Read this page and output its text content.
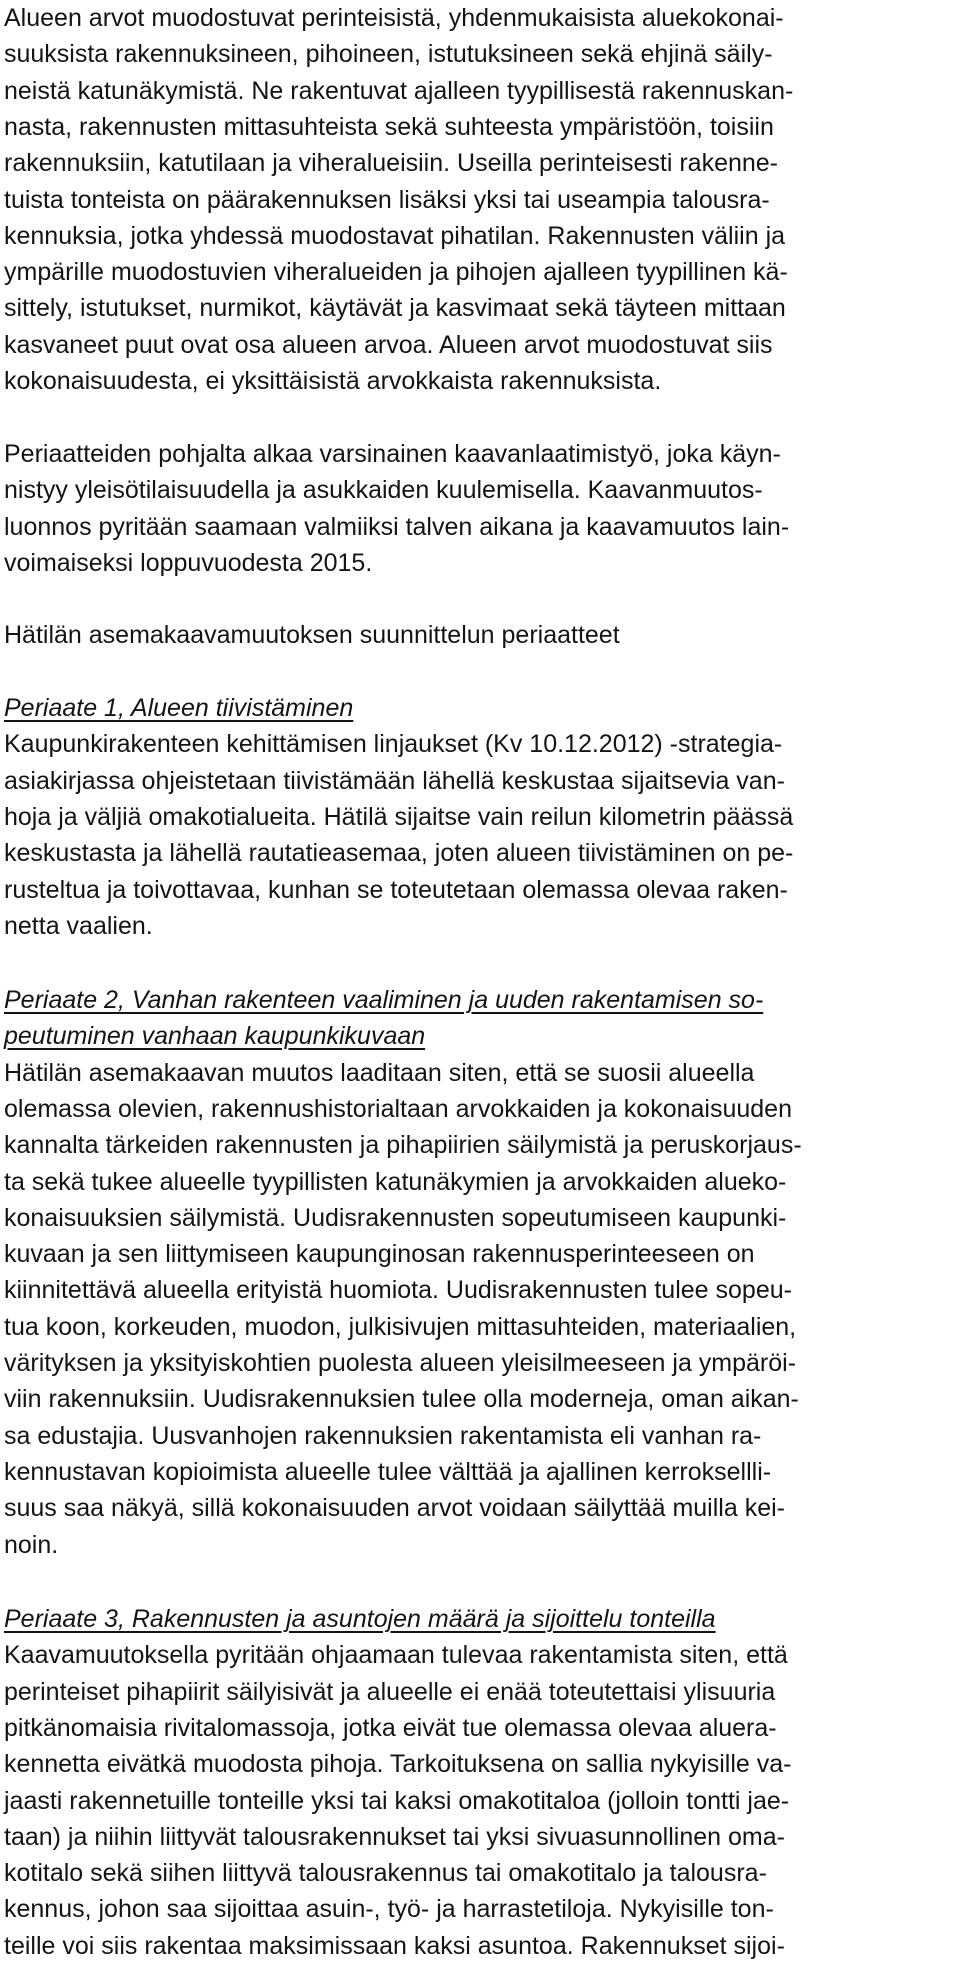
Alueen arvot muodostuvat perinteisistä, yhdenmukaisista aluekokonai-
suuksista rakennuksineen, pihoineen, istutuksineen sekä ehjinä säily-
neistä katunäkymistä. Ne rakentuvat ajalleen tyypillisestä rakennuskan-
nasta, rakennusten mittasuhteista sekä suhteesta ympäristöön, toisiin
rakennuksiin, katutilaan ja viheralueisiin. Useilla perinteisesti rakenne-
tuista tonteista on päärakennuksen lisäksi yksi tai useampia talousra-
kennuksia, jotka yhdessä muodostavat pihatilan. Rakennusten väliin ja
ympärille muodostuvien viheralueiden ja pihojen ajalleen tyypillinen kä-
sittely, istutukset, nurmikot, käytävät ja kasvimaat sekä täyteen mittaan
kasvaneet puut ovat osa alueen arvoa. Alueen arvot muodostuvat siis
kokonaisuudesta, ei yksittäisistä arvokkaista rakennuksista.
Periaatteiden pohjalta alkaa varsinainen kaavanlaatimistyö, joka käyn-
nistyy yleisötilaisuudella ja asukkaiden kuulemisella. Kaavanmuutos-
luonnos pyritään saamaan valmiiksi talven aikana ja kaavamuutos lain-
voimaiseksi loppuvuodesta 2015.
Hätilän asemakaavamuutoksen suunnittelun periaatteet
Periaate 1, Alueen tiivistäminen
Kaupunkirakenteen kehittämisen linjaukset (Kv 10.12.2012) -strategia-
asiakirjassa ohjeistetaan tiivistämään lähellä keskustaa sijaitsevia van-
hoja ja väljiä omakotialueita. Hätilä sijaitse vain reilun kilometrin päässä
keskustasta ja lähellä rautatieasemaa, joten alueen tiivistäminen on pe-
rusteltua ja toivottavaa, kunhan se toteutetaan olemassa olevaa raken-
netta vaalien.
Periaate 2, Vanhan rakenteen vaaliminen ja uuden rakentamisen so-
peutuminen vanhaan kaupunkikuvaan
Hätilän asemakaavan muutos laaditaan siten, että se suosii alueella
olemassa olevien, rakennushistorialtaan arvokkaiden ja kokonaisuuden
kannalta tärkeiden rakennusten ja pihapiirien säilymistä ja peruskorjaus-
ta sekä tukee alueelle tyypillisten katunäkymien ja arvokkaiden alueko-
konaisuuksien säilymistä. Uudisrakennusten sopeutumiseen kaupunki-
kuvaan ja sen liittymiseen kaupunginosan rakennusperinteeseen on
kiinnitettävä alueella erityistä huomiota. Uudisrakennusten tulee sopeu-
tua koon, korkeuden, muodon, julkisivujen mittasuhteiden, materiaalien,
värityksen ja yksityiskohtien puolesta alueen yleisilmeeseen ja ympäröi-
viin rakennuksiin. Uudisrakennuksien tulee olla moderneja, oman aikan-
sa edustajia. Uusvanhojen rakennuksien rakentamista eli vanhan ra-
kennustavan kopioimista alueelle tulee välttää ja ajallinen kerroksellli-
suus saa näkyä, sillä kokonaisuuden arvot voidaan säilyttää muilla kei-
noin.
Periaate 3, Rakennusten ja asuntojen määrä ja sijoittelu tonteilla
Kaavamuutoksella pyritään ohjaamaan tulevaa rakentamista siten, että
perinteiset pihapiirit säilyisivät ja alueelle ei enää toteutettaisi ylisuuria
pitkänomaisia rivitalomassoja, jotka eivät tue olemassa olevaa aluera-
kennetta eivätkä muodosta pihoja. Tarkoituksena on sallia nykyisille va-
jaasti rakennetuille tonteille yksi tai kaksi omakotitaloa (jolloin tontti jae-
taan) ja niihin liittyvät talousrakennukset tai yksi sivuasunnollinen oma-
kotitalo sekä siihen liittyvä talousrakennus tai omakotitalo ja talousra-
kennus, johon saa sijoittaa asuin-, työ- ja harrastetiloja. Nykyisille ton-
teille voi siis rakentaa maksimissaan kaksi asuntoa. Rakennukset sijoi-
